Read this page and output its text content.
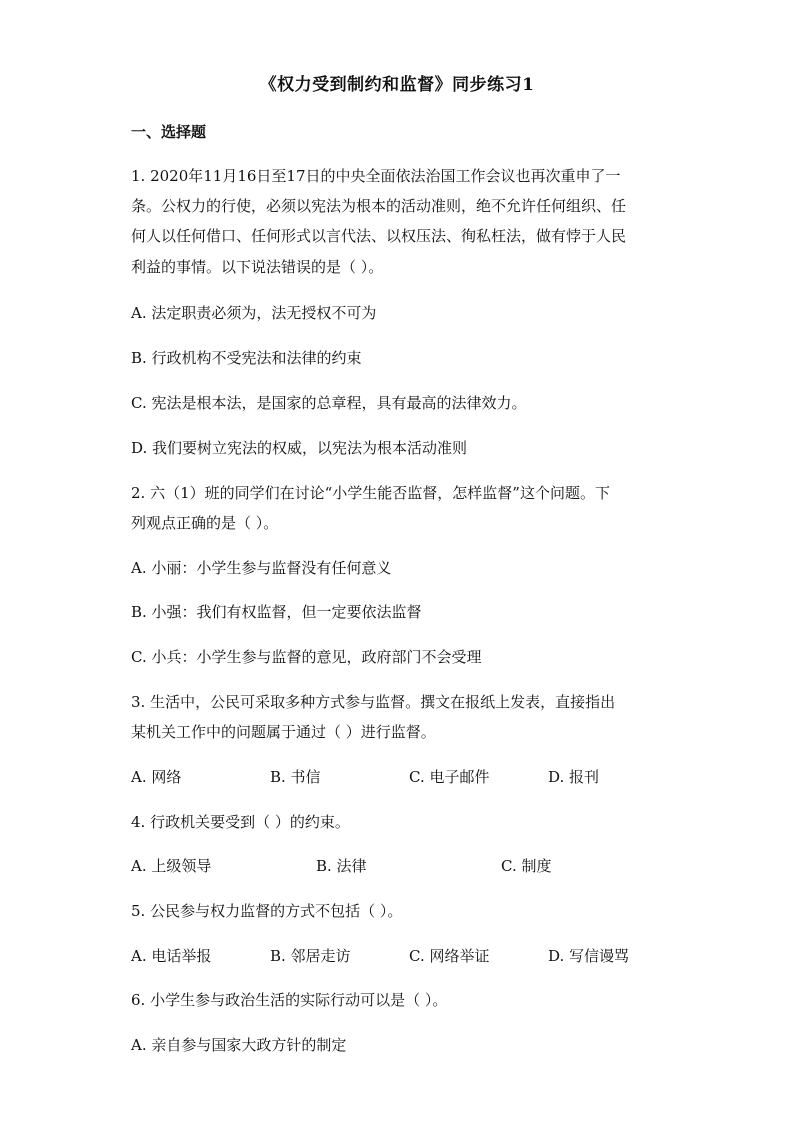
《权力受到制约和监督》同步练习1
一、选择题
1. 2020年11月16日至17日的中央全面依法治国工作会议也再次重申了一
条。公权力的行使，必须以宪法为根本的活动准则，绝不允许任何组织、任
何人以任何借口、任何形式以言代法、以权压法、徇私枉法，做有悖于人民
利益的事情。以下说法错误的是（ ）。
A. 法定职责必须为，法无授权不可为
B. 行政机构不受宪法和法律的约束
C. 宪法是根本法，是国家的总章程，具有最高的法律效力。
D. 我们要树立宪法的权威，以宪法为根本活动准则
2. 六（1）班的同学们在讨论“小学生能否监督，怎样监督”这个问题。下
列观点正确的是（ ）。
A. 小丽：小学生参与监督没有任何意义
B. 小强：我们有权监督，但一定要依法监督
C. 小兵：小学生参与监督的意见，政府部门不会受理
3. 生活中，公民可采取多种方式参与监督。撰文在报纸上发表，直接指出
某机关工作中的问题属于通过（ ）进行监督。
A. 网络	B. 书信	C. 电子邮件	D. 报刊
4. 行政机关要受到（ ）的约束。
A. 上级领导	B. 法律	C. 制度
5. 公民参与权力监督的方式不包括（ ）。
A. 电话举报	B. 邻居走访	C. 网络举证	D. 写信谩骂
6. 小学生参与政治生活的实际行动可以是（ ）。
A. 亲自参与国家大政方针的制定
